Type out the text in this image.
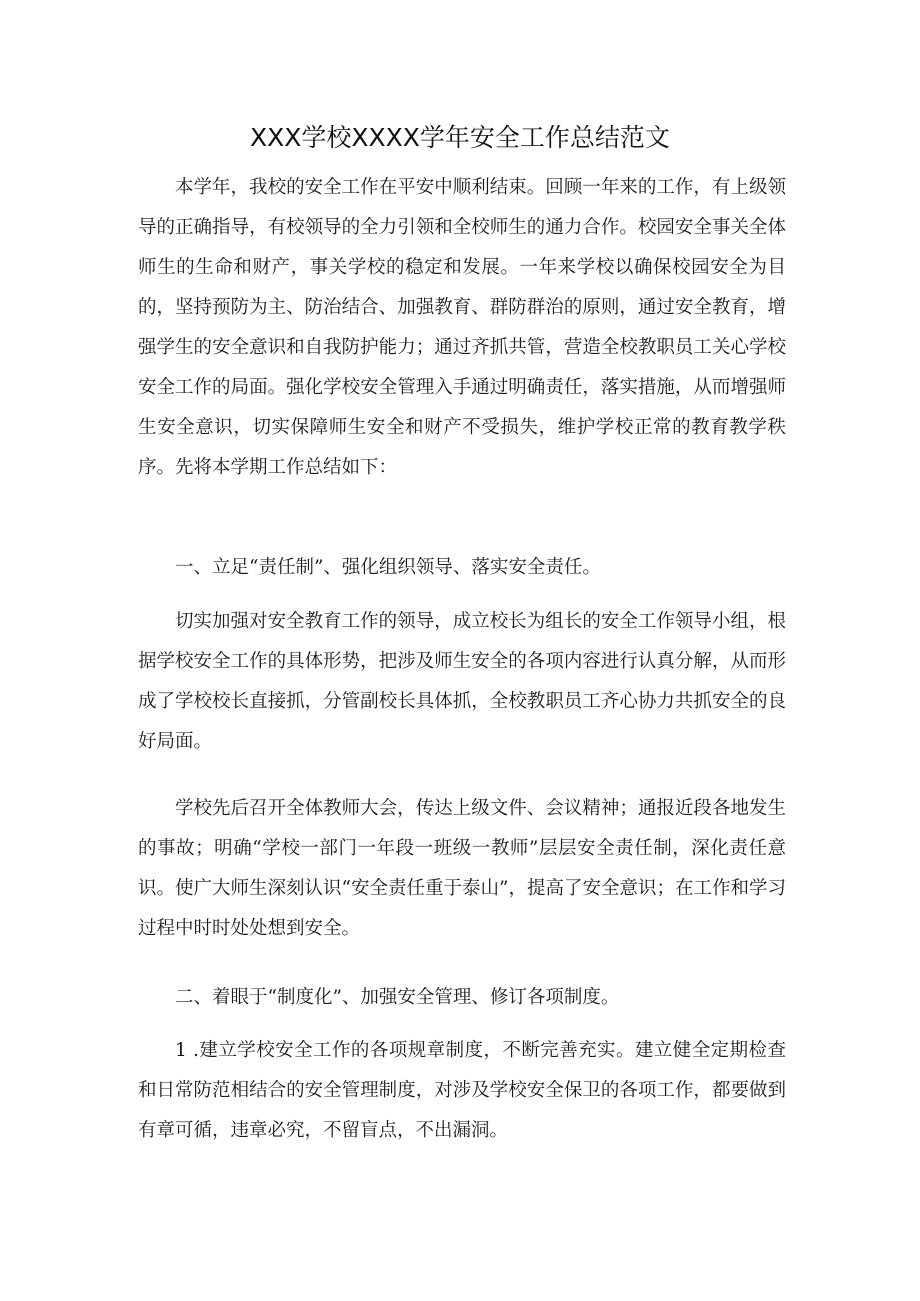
XXX学校XXXX学年安全工作总结范文

本学年，我校的安全工作在平安中顺利结束。回顾一年来的工作，有上级领导的正确指导，有校领导的全力引领和全校师生的通力合作。校园安全事关全体师生的生命和财产，事关学校的稳定和发展。一年来学校以确保校园安全为目的，坚持预防为主、防治结合、加强教育、群防群治的原则，通过安全教育，增强学生的安全意识和自我防护能力；通过齐抓共管，营造全校教职员工关心学校安全工作的局面。强化学校安全管理入手通过明确责任，落实措施，从而增强师生安全意识，切实保障师生安全和财产不受损失，维护学校正常的教育教学秩序。先将本学期工作总结如下：

一、立足“责任制”、强化组织领导、落实安全责任。

切实加强对安全教育工作的领导，成立校长为组长的安全工作领导小组，根据学校安全工作的具体形势，把涉及师生安全的各项内容进行认真分解，从而形成了学校校长直接抓，分管副校长具体抓，全校教职员工齐心协力共抓安全的良好局面。

学校先后召开全体教师大会，传达上级文件、会议精神；通报近段各地发生的事故；明确“学校一部门一年段一班级一教师”层层安全责任制，深化责任意识。使广大师生深刻认识“安全责任重于泰山”，提高了安全意识；在工作和学习过程中时时处处想到安全。

二、着眼于“制度化”、加强安全管理、修订各项制度。

1 .建立学校安全工作的各项规章制度，不断完善充实。建立健全定期检查和日常防范相结合的安全管理制度，对涉及学校安全保卫的各项工作，都要做到有章可循，违章必究，不留盲点，不出漏洞。
